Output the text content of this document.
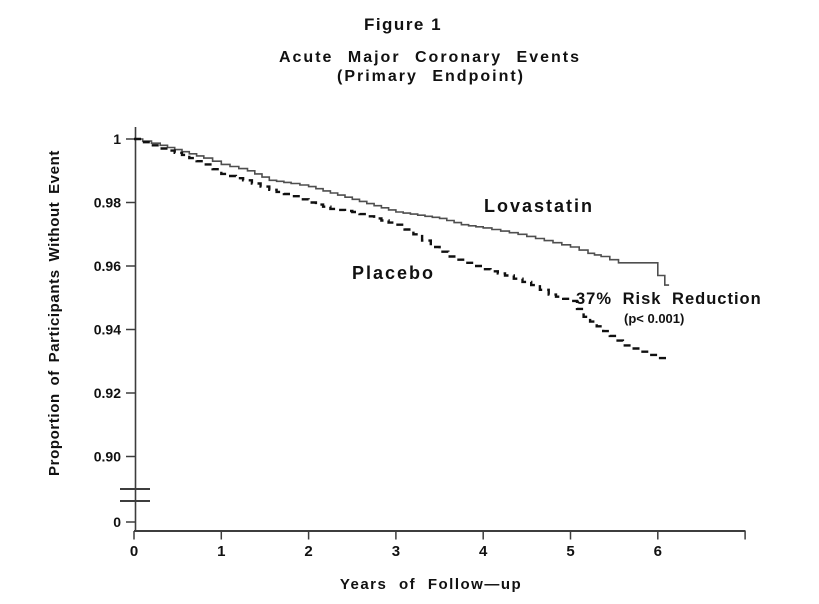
Figure 1
Acute Major Coronary Events
(Primary Endpoint)
Proportion of Participants Without Event
Years of Follow—up
1
0.98
0.96
0.94
0.92
0.90
0
0	1	2	3	4	5	6
Lovastatin
Placebo
37% Risk Reduction
(p< 0.001)
